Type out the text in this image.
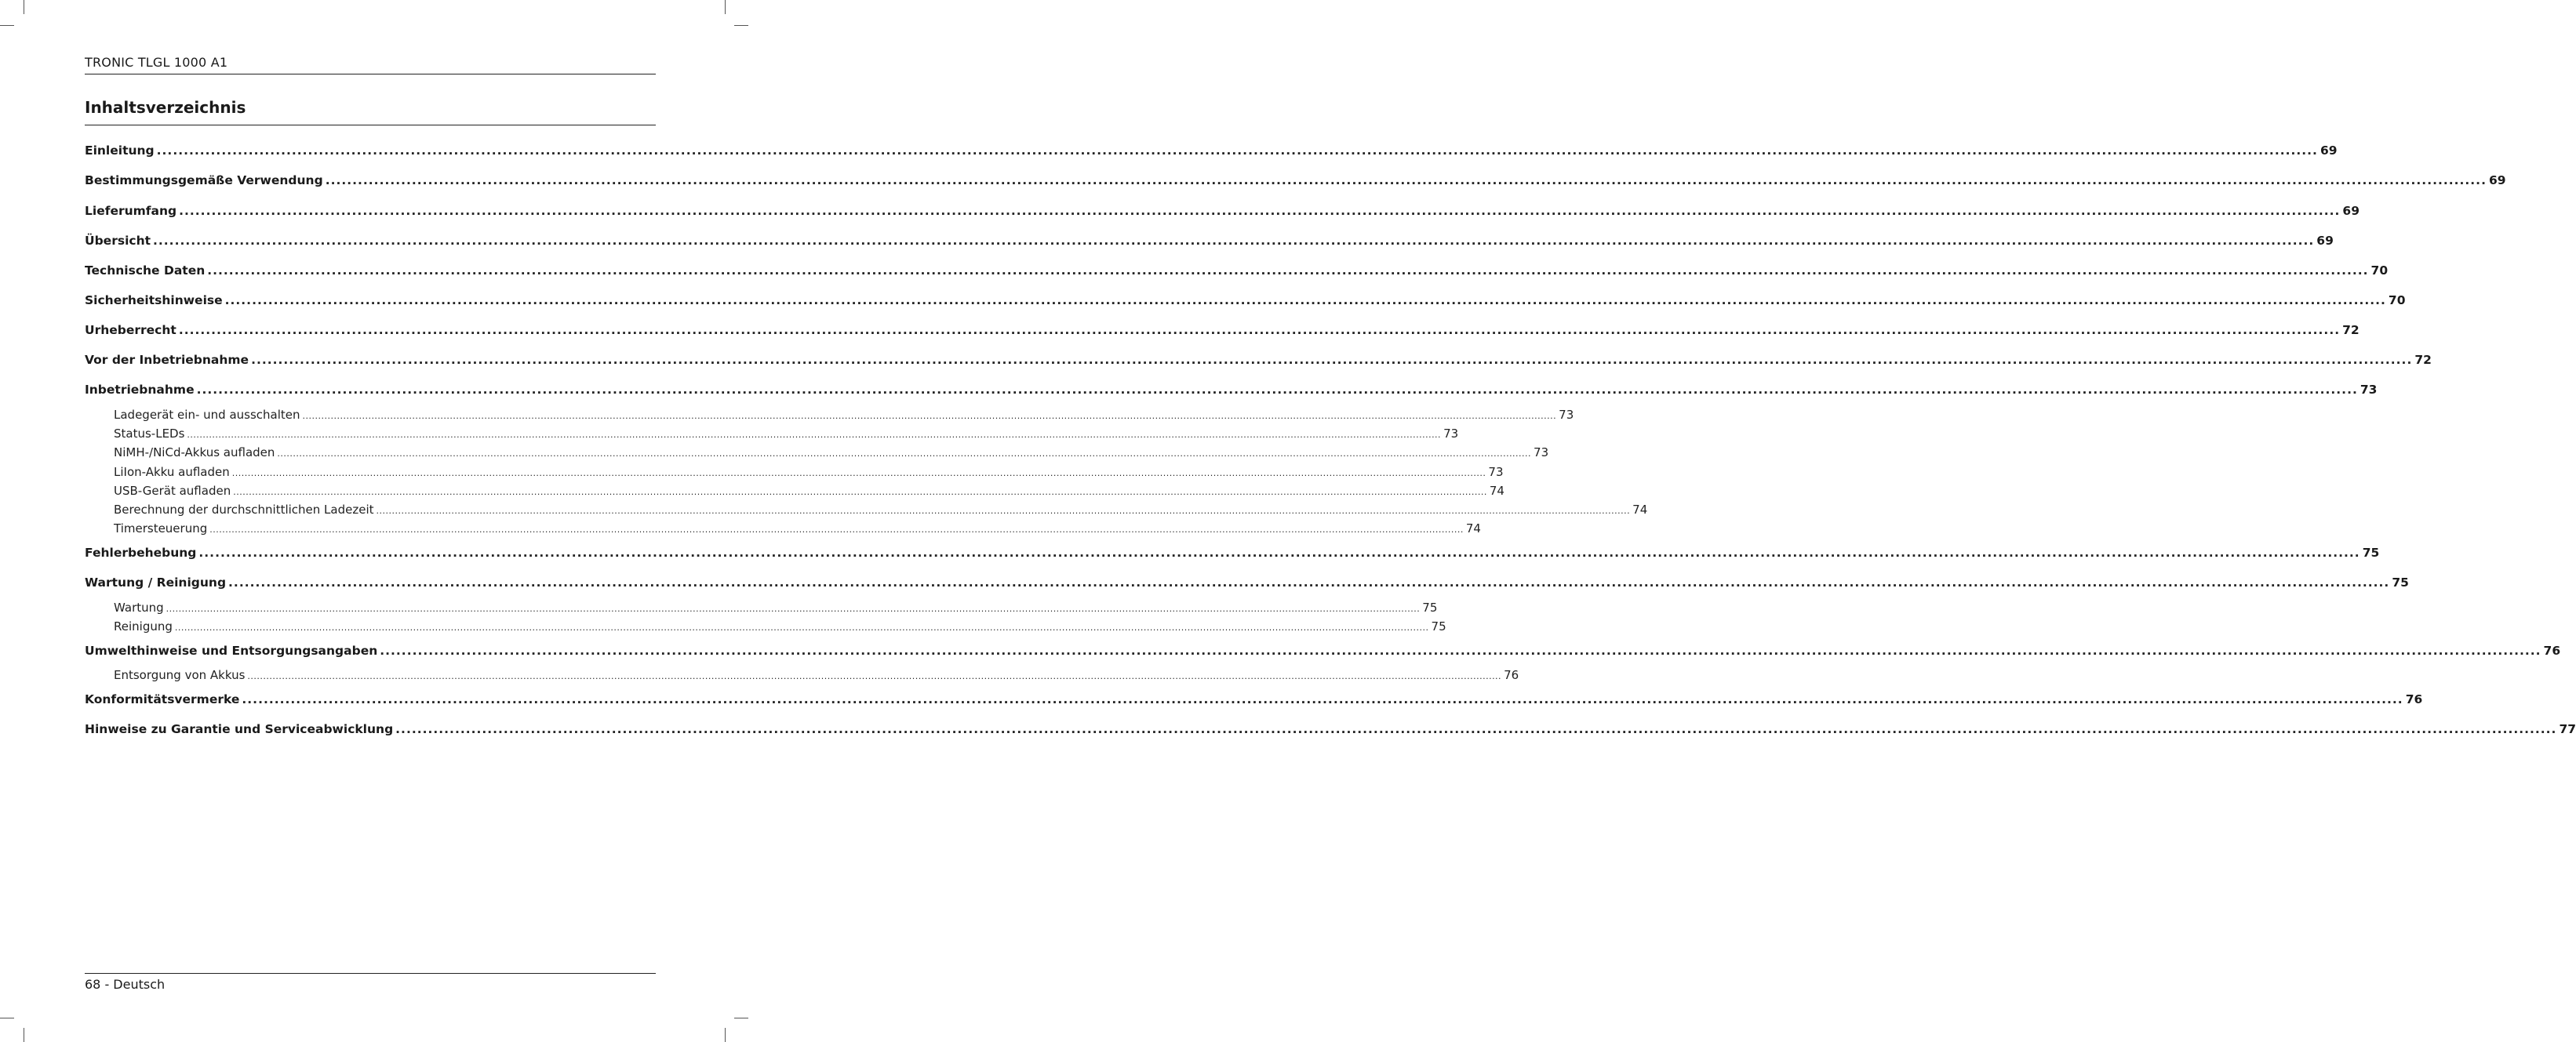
TRONIC TLGL 1000 A1
Inhaltsverzeichnis
Einleitung ................................................................................................................................................................................................................................................................................................................................................................................................................ 69
Bestimmungsgemäße Verwendung ................................................................................................................................................................................................................................................................................................................................................................................................................ 69
Lieferumfang ................................................................................................................................................................................................................................................................................................................................................................................................................ 69
Übersicht ................................................................................................................................................................................................................................................................................................................................................................................................................ 69
Technische Daten ................................................................................................................................................................................................................................................................................................................................................................................................................ 70
Sicherheitshinweise ................................................................................................................................................................................................................................................................................................................................................................................................................ 70
Urheberrecht ................................................................................................................................................................................................................................................................................................................................................................................................................ 72
Vor der Inbetriebnahme ................................................................................................................................................................................................................................................................................................................................................................................................................ 72
Inbetriebnahme ................................................................................................................................................................................................................................................................................................................................................................................................................ 73
Ladegerät ein- und ausschalten ................................................................................................................................................................................................................................................................................................................................................................................................................ 73
Status-LEDs ................................................................................................................................................................................................................................................................................................................................................................................................................ 73
NiMH-/NiCd-Akkus aufladen ................................................................................................................................................................................................................................................................................................................................................................................................................ 73
LiIon-Akku aufladen ................................................................................................................................................................................................................................................................................................................................................................................................................ 73
USB-Gerät aufladen ................................................................................................................................................................................................................................................................................................................................................................................................................ 74
Berechnung der durchschnittlichen Ladezeit ................................................................................................................................................................................................................................................................................................................................................................................................................ 74
Timersteuerung ................................................................................................................................................................................................................................................................................................................................................................................................................ 74
Fehlerbehebung ................................................................................................................................................................................................................................................................................................................................................................................................................ 75
Wartung / Reinigung ................................................................................................................................................................................................................................................................................................................................................................................................................ 75
Wartung ................................................................................................................................................................................................................................................................................................................................................................................................................ 75
Reinigung ................................................................................................................................................................................................................................................................................................................................................................................................................ 75
Umwelthinweise und Entsorgungsangaben ................................................................................................................................................................................................................................................................................................................................................................................................................ 76
Entsorgung von Akkus ................................................................................................................................................................................................................................................................................................................................................................................................................ 76
Konformitätsvermerke ................................................................................................................................................................................................................................................................................................................................................................................................................ 76
Hinweise zu Garantie und Serviceabwicklung ................................................................................................................................................................................................................................................................................................................................................................................................................ 77
68 - Deutsch
